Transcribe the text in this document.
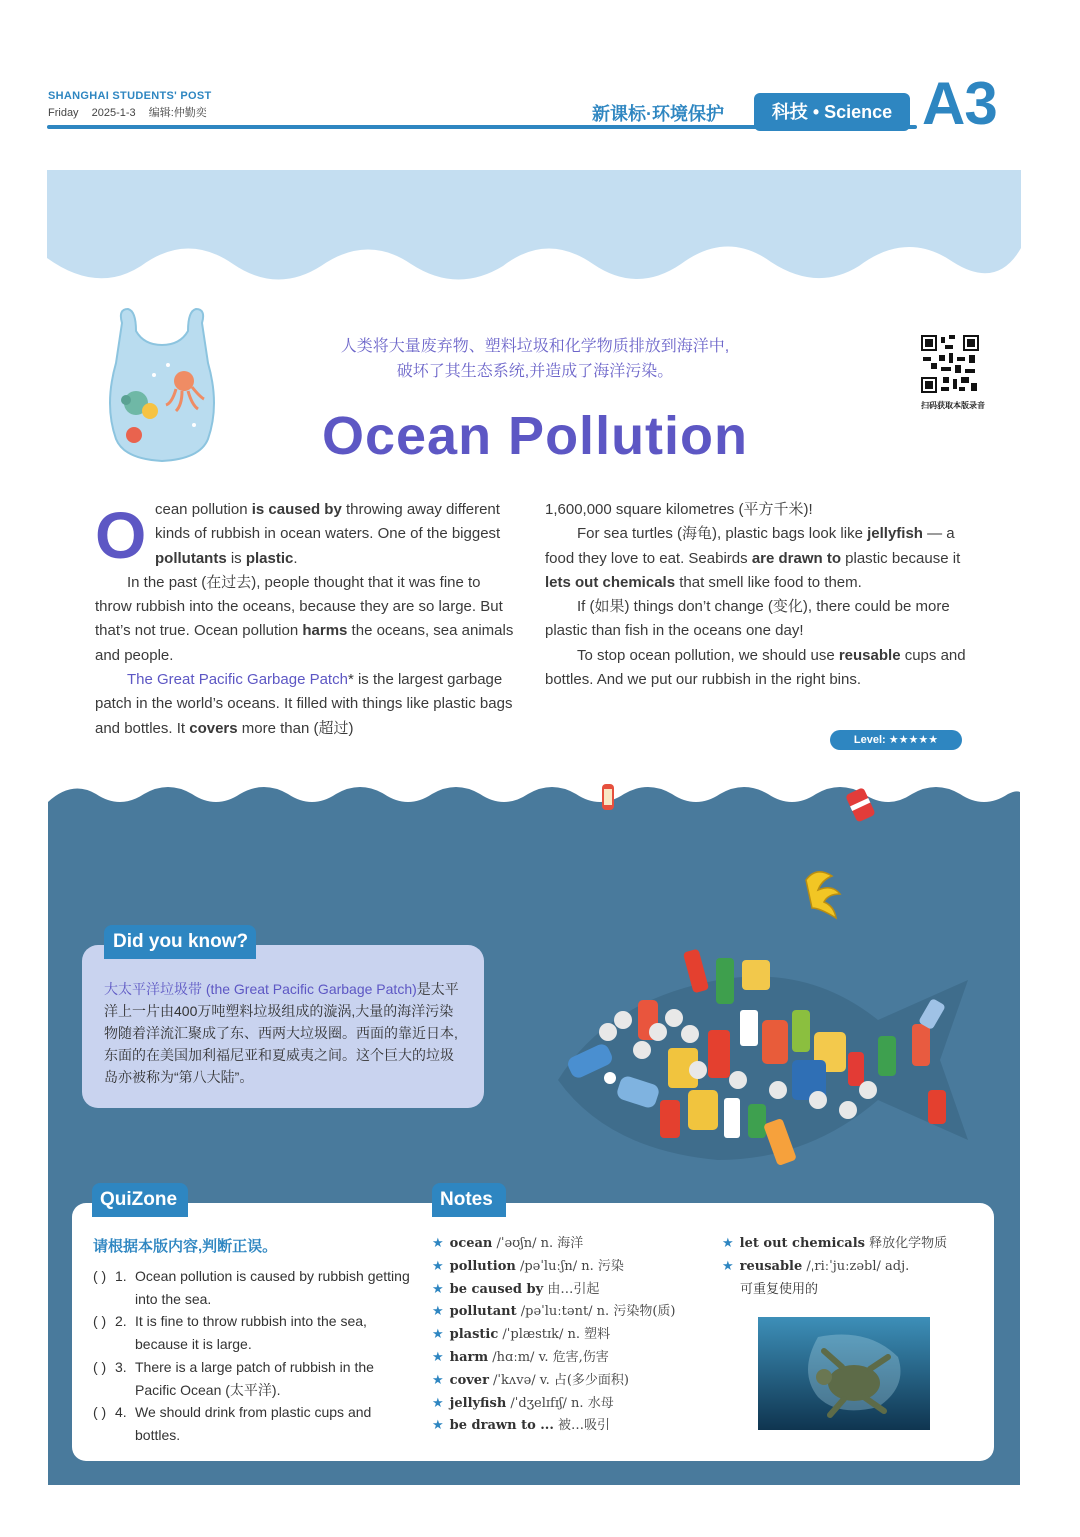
SHANGHAI STUDENTS' POST
Friday 2025-1-3 编辑:仲勤奕	新课标·环境保护	科技 • Science A3
人类将大量废弃物、塑料垃圾和化学物质排放到海洋中,
破坏了其生态系统,并造成了海洋污染。
Ocean Pollution
扫码获取本版录音
O cean pollution is caused by throwing away different kinds of rubbish in ocean waters. One of the biggest pollutants is plastic.
In the past (在过去), people thought that it was fine to throw rubbish into the oceans, because they are so large. But that’s not true. Ocean pollution harms the oceans, sea animals and people.
The Great Pacific Garbage Patch* is the largest garbage patch in the world’s oceans. It filled with things like plastic bags and bottles. It covers more than (超过)
1,600,000 square kilometres (平方千米)!
For sea turtles (海龟), plastic bags look like jellyfish — a food they love to eat. Seabirds are drawn to plastic because it lets out chemicals that smell like food to them.
If (如果) things don’t change (变化), there could be more plastic than fish in the oceans one day!
To stop ocean pollution, we should use reusable cups and bottles. And we put our rubbish in the right bins.
Level: ★★★★★
大太平洋垃圾带 (the Great Pacific Garbage Patch)是太平洋上一片由400万吨塑料垃圾组成的漩涡,大量的海洋污染物随着洋流汇聚成了东、西两大垃圾圈。西面的靠近日本,东面的在美国加利福尼亚和夏威夷之间。这个巨大的垃圾岛亦被称为“第八大陆”。
Did you know?
QuiZone	Notes
请根据本版内容,判断正误。
( ) 1. Ocean pollution is caused by rubbish getting into the sea.
( ) 2. It is fine to throw rubbish into the sea, because it is large.
( ) 3. There is a large patch of rubbish in the Pacific Ocean (太平洋).
( ) 4. We should drink from plastic cups and bottles.
★ ocean /ˈəʊʃn/ n. 海洋
★ pollution /pəˈluːʃn/ n. 污染
★ be caused by 由…引起
★ pollutant /pəˈluːtənt/ n. 污染物(质)
★ plastic /ˈplæstɪk/ n. 塑料
★ harm /hɑːm/ v. 危害,伤害
★ cover /ˈkʌvə/ v. 占(多少面积)
★ jellyfish /ˈdʒelɪfɪʃ/ n. 水母
★ be drawn to ... 被…吸引
★ let out chemicals 释放化学物质
★ reusable /ˌriːˈjuːzəbl/ adj.
可重复使用的
